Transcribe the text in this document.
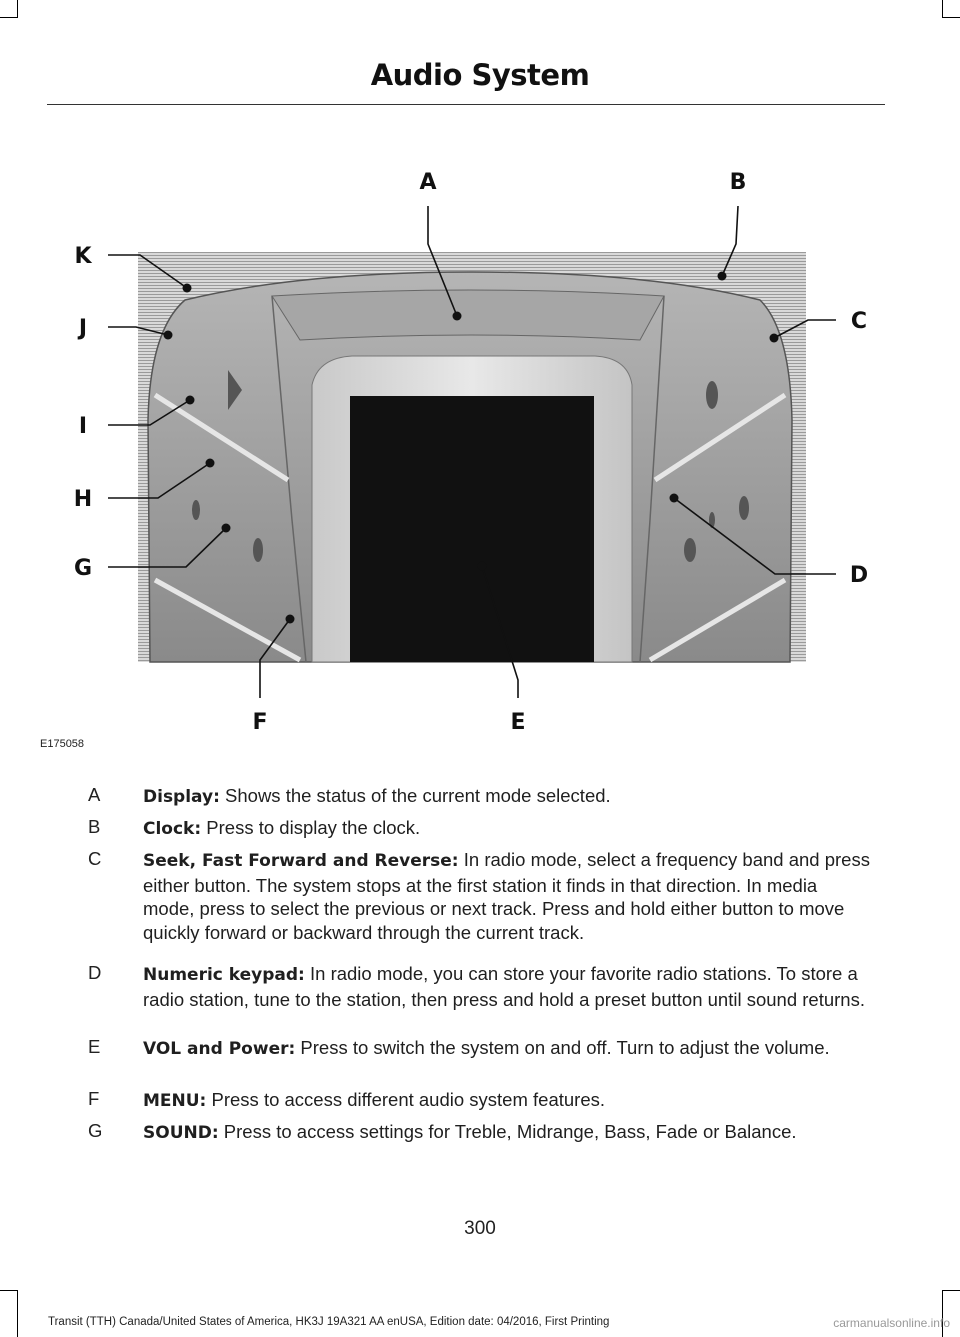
Audio System
A	B
C
D
E
F
G
H
I
J
K
E175058
A	Display: Shows the status of the current mode selected.
B	Clock: Press to display the clock.
C Seek, Fast Forward and Reverse: In radio mode, select a frequency band and press either button. The system stops at the first station it finds in that direction. In media mode, press to select the previous or next track. Press and hold either button to move quickly forward or backward through the current track.
D Numeric keypad: In radio mode, you can store your favorite radio stations. To store a radio station, tune to the station, then press and hold a preset button until sound returns.
E	VOL and Power: Press to switch the system on and off. Turn to adjust the volume.
F	MENU: Press to access different audio system features.
G SOUND: Press to access settings for Treble, Midrange, Bass, Fade or Balance.
300
Transit (TTH) Canada/United States of America, HK3J 19A321 AA enUSA, Edition date: 04/2016, First Printing	carmanualsonline.info
